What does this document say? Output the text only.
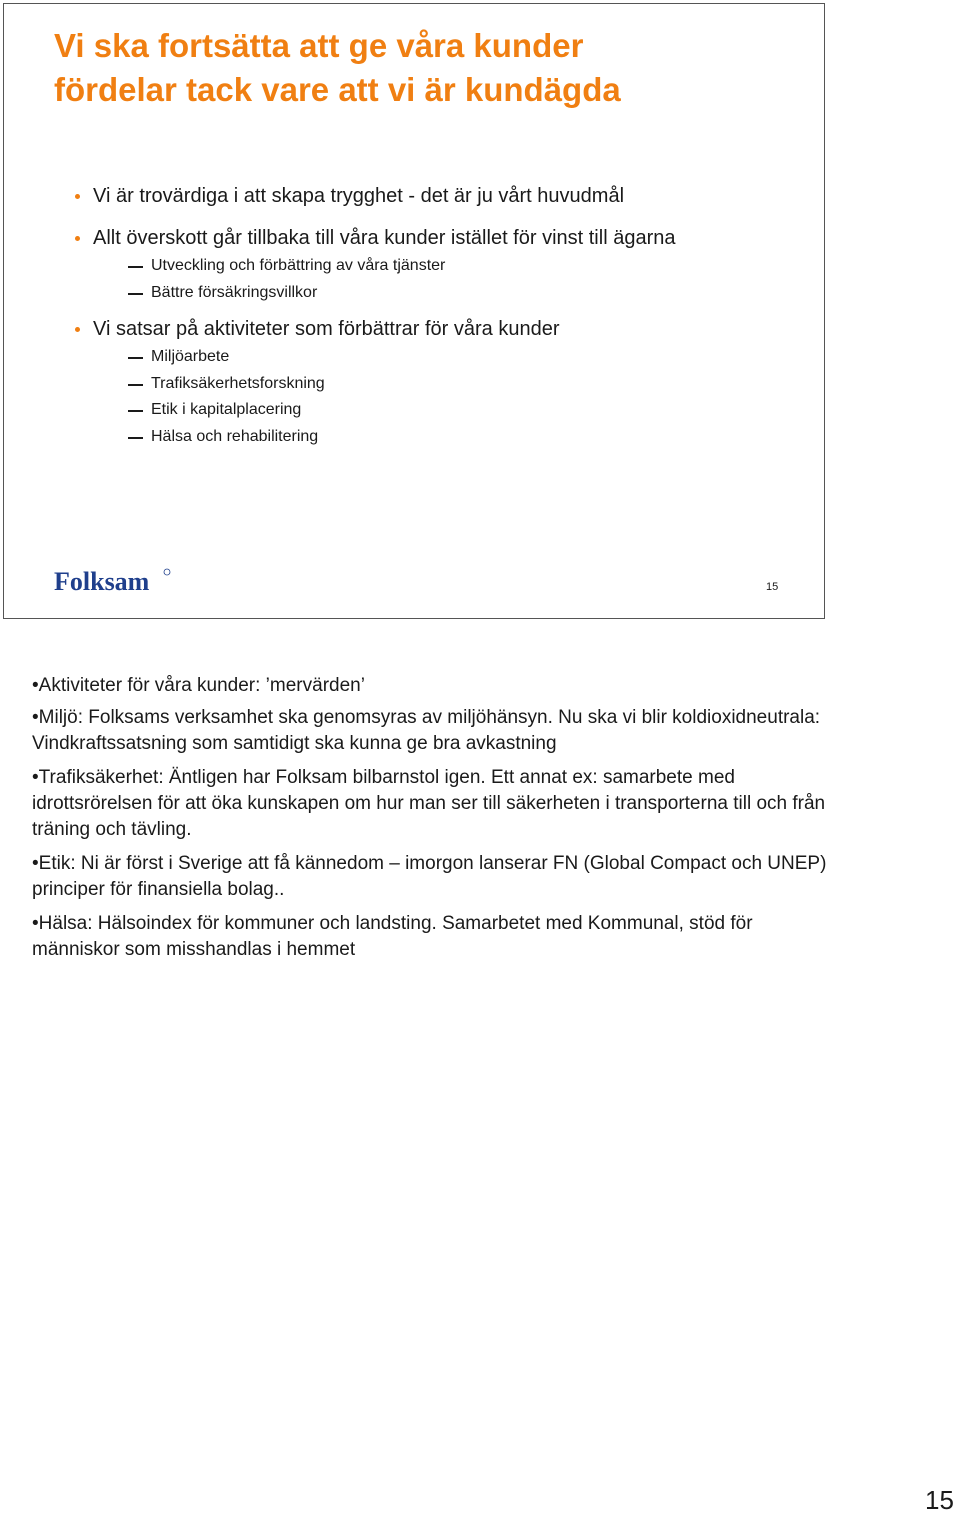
Vi ska fortsätta att ge våra kunder
fördelar tack vare att vi är kundägda
Vi är trovärdiga i att skapa trygghet - det är ju vårt huvudmål
Allt överskott går tillbaka till våra kunder istället för vinst till ägarna
Utveckling och förbättring av våra tjänster
Bättre försäkringsvillkor
Vi satsar på aktiviteter som förbättrar för våra kunder
Miljöarbete
Trafiksäkerhetsforskning
Etik i kapitalplacering
Hälsa och rehabilitering
Folksam	15

•Aktiviteter för våra kunder: ’mervärden’

•Miljö: Folksams verksamhet ska genomsyras av miljöhänsyn. Nu ska vi blir koldioxidneutrala: Vindkraftssatsning som samtidigt ska kunna ge bra avkastning

•Trafiksäkerhet: Äntligen har Folksam bilbarnstol igen. Ett annat ex: samarbete med idrottsrörelsen för att öka kunskapen om hur man ser till säkerheten i transporterna till och från träning och tävling.

•Etik: Ni är först i Sverige att få kännedom – imorgon lanserar FN (Global Compact och UNEP) principer för finansiella bolag..

•Hälsa: Hälsoindex för kommuner och landsting. Samarbetet med Kommunal, stöd för människor som misshandlas i hemmet

15
